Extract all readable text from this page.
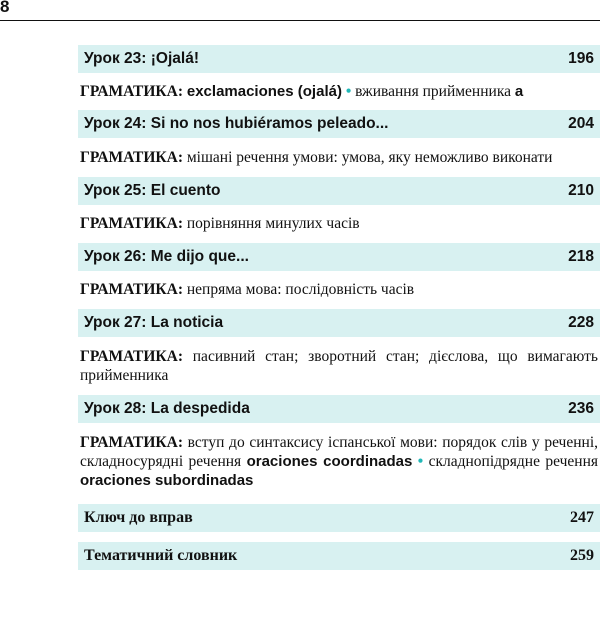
8
Урок 23: ¡Ojalá!	196
ГРАМАТИКА: exclamaciones (ojalá) • вживання прийменника a
Урок 24: Si no nos hubiéramos peleado...	204
ГРАМАТИКА: мішані речення умови: умова, яку неможливо виконати
Урок 25: El cuento	210
ГРАМАТИКА: порівняння минулих часів
Урок 26: Me dijo que...	218
ГРАМАТИКА: непряма мова: послідовність часів
Урок 27: La noticia	228
ГРАМАТИКА: пасивний стан; зворотний стан; дієслова, що вимагають прийменника
Урок 28: La despedida	236
ГРАМАТИКА: вступ до синтаксису іспанської мови: порядок слів у реченні, складносурядні речення oraciones coordinadas • складнопідрядне речення oraciones subordinadas
Ключ до вправ	247
Тематичний словник	259
